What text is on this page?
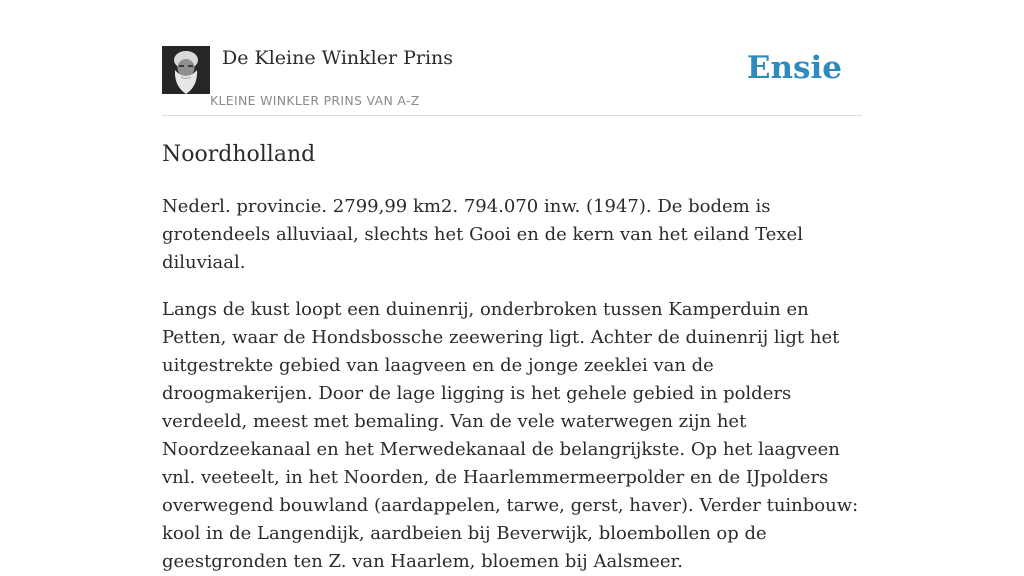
De Kleine Winkler Prins
KLEINE WINKLER PRINS VAN A-Z
Ensie
Noordholland

Nederl. provincie. 2799,99 km2. 794.070 inw. (1947). De bodem is grotendeels alluviaal, slechts het Gooi en de kern van het eiland Texel diluviaal.

Langs de kust loopt een duinenrij, onderbroken tussen Kamperduin en Petten, waar de Hondsbossche zeewering ligt. Achter de duinenrij ligt het uitgestrekte gebied van laagveen en de jonge zeeklei van de droogmakerijen. Door de lage ligging is het gehele gebied in polders verdeeld, meest met bemaling. Van de vele waterwegen zijn het Noordzeekanaal en het Merwedekanaal de belangrijkste. Op het laagveen vnl. veeteelt, in het Noorden, de Haarlemmermeerpolder en de IJpolders overwegend bouwland (aardappelen, tarwe, gerst, haver). Verder tuinbouw: kool in de Langendijk, aardbeien bij Beverwijk, bloembollen op de geestgronden ten Z. van Haarlem, bloemen bij Aalsmeer.
